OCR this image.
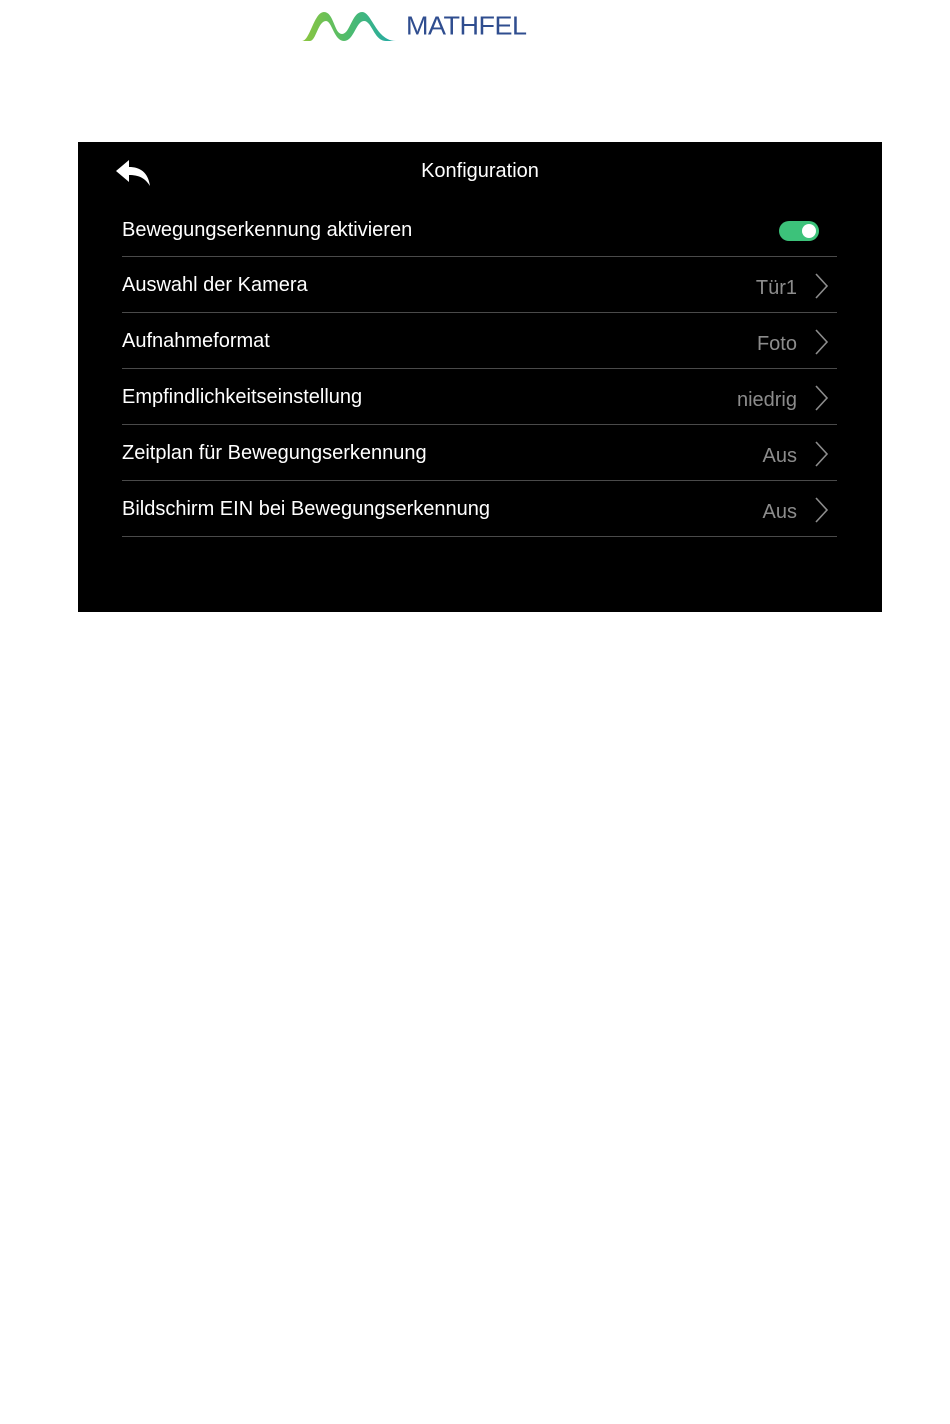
MATHFEL
Konfiguration
Bewegungserkennung aktivieren
Auswahl der Kamera	Tür1
Aufnahmeformat	Foto
Empfindlichkeitseinstellung	niedrig
Zeitplan für Bewegungserkennung	Aus
Bildschirm EIN bei Bewegungserkennung	Aus
